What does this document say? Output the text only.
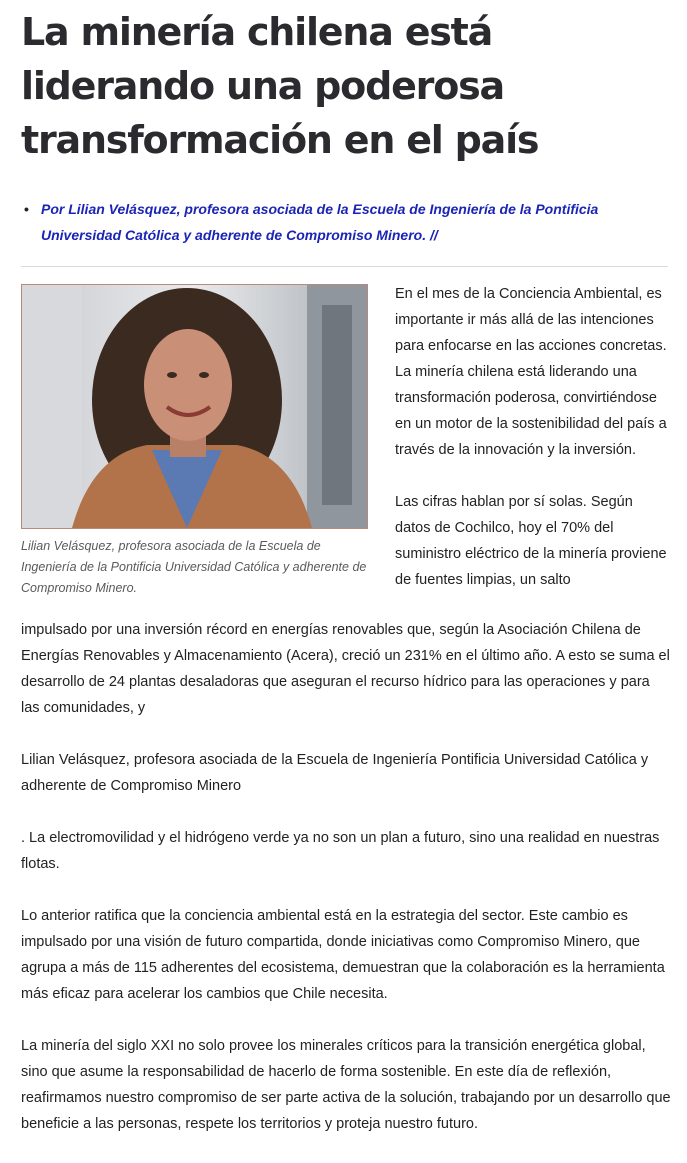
La minería chilena está liderando una poderosa transformación en el país
• Por Lilian Velásquez, profesora asociada de la Escuela de Ingeniería de la Pontificia Universidad Católica y adherente de Compromiso Minero. //
Lilian Velásquez, profesora asociada de la Escuela de Ingeniería de la Pontificia Universidad Católica y adherente de Compromiso Minero.

En el mes de la Conciencia Ambiental, es importante ir más allá de las intenciones para enfocarse en las acciones concretas. La minería chilena está liderando una transformación poderosa, convirtiéndose en un motor de la sostenibilidad del país a través de la innovación y la inversión.

Las cifras hablan por sí solas. Según datos de Cochilco, hoy el 70% del suministro eléctrico de la minería proviene de fuentes limpias, un salto

impulsado por una inversión récord en energías renovables que, según la Asociación Chilena de Energías Renovables y Almacenamiento (Acera), creció un 231% en el último año. A esto se suma el desarrollo de 24 plantas desaladoras que aseguran el recurso hídrico para las operaciones y para las comunidades, y

Lilian Velásquez, profesora asociada de la Escuela de Ingeniería Pontificia Universidad Católica y adherente de Compromiso Minero

. La electromovilidad y el hidrógeno verde ya no son un plan a futuro, sino una realidad en nuestras flotas.

Lo anterior ratifica que la conciencia ambiental está en la estrategia del sector. Este cambio es impulsado por una visión de futuro compartida, donde iniciativas como Compromiso Minero, que agrupa a más de 115 adherentes del ecosistema, demuestran que la colaboración es la herramienta más eficaz para acelerar los cambios que Chile necesita.

La minería del siglo XXI no solo provee los minerales críticos para la transición energética global, sino que asume la responsabilidad de hacerlo de forma sostenible. En este día de reflexión, reafirmamos nuestro compromiso de ser parte activa de la solución, trabajando por un desarrollo que beneficie a las personas, respete los territorios y proteja nuestro futuro.
